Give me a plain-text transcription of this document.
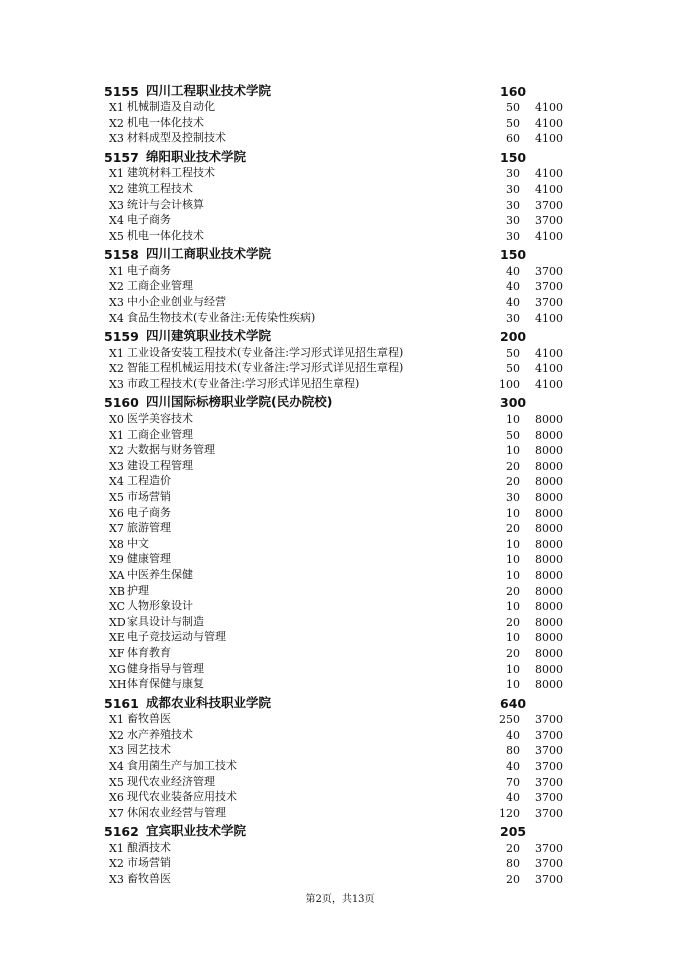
5155 四川工程职业技术学院	160
X1 机械制造及自动化	50 4100
X2 机电一体化技术	50 4100
X3 材料成型及控制技术	60 4100
5157 绵阳职业技术学院	150
X1 建筑材料工程技术	30 4100
X2 建筑工程技术	30 4100
X3 统计与会计核算	30 3700
X4 电子商务	30 3700
X5 机电一体化技术	30 4100
5158 四川工商职业技术学院	150
X1 电子商务	40 3700
X2 工商企业管理	40 3700
X3 中小企业创业与经营	40 3700
X4 食品生物技术(专业备注:无传染性疾病)	30 4100
5159 四川建筑职业技术学院	200
X1 工业设备安装工程技术(专业备注:学习形式详见招生章程)	50 4100
X2 智能工程机械运用技术(专业备注:学习形式详见招生章程)	50 4100
X3 市政工程技术(专业备注:学习形式详见招生章程)	100 4100
5160 四川国际标榜职业学院(民办院校)	300
X0 医学美容技术	10 8000
X1 工商企业管理	50 8000
X2 大数据与财务管理	10 8000
X3 建设工程管理	20 8000
X4 工程造价	20 8000
X5 市场营销	30 8000
X6 电子商务	10 8000
X7 旅游管理	20 8000
X8 中文	10 8000
X9 健康管理	10 8000
XA 中医养生保健	10 8000
XB 护理	20 8000
XC 人物形象设计	10 8000
XD 家具设计与制造	20 8000
XE 电子竞技运动与管理	10 8000
XF 体育教育	20 8000
XG 健身指导与管理	10 8000
XH 体育保健与康复	10 8000
5161 成都农业科技职业学院	640
X1 畜牧兽医	250 3700
X2 水产养殖技术	40 3700
X3 园艺技术	80 3700
X4 食用菌生产与加工技术	40 3700
X5 现代农业经济管理	70 3700
X6 现代农业装备应用技术	40 3700
X7 休闲农业经营与管理	120 3700
5162 宜宾职业技术学院	205
X1 酿酒技术	20 3700
X2 市场营销	80 3700
X3 畜牧兽医	20 3700
第2页，共13页
